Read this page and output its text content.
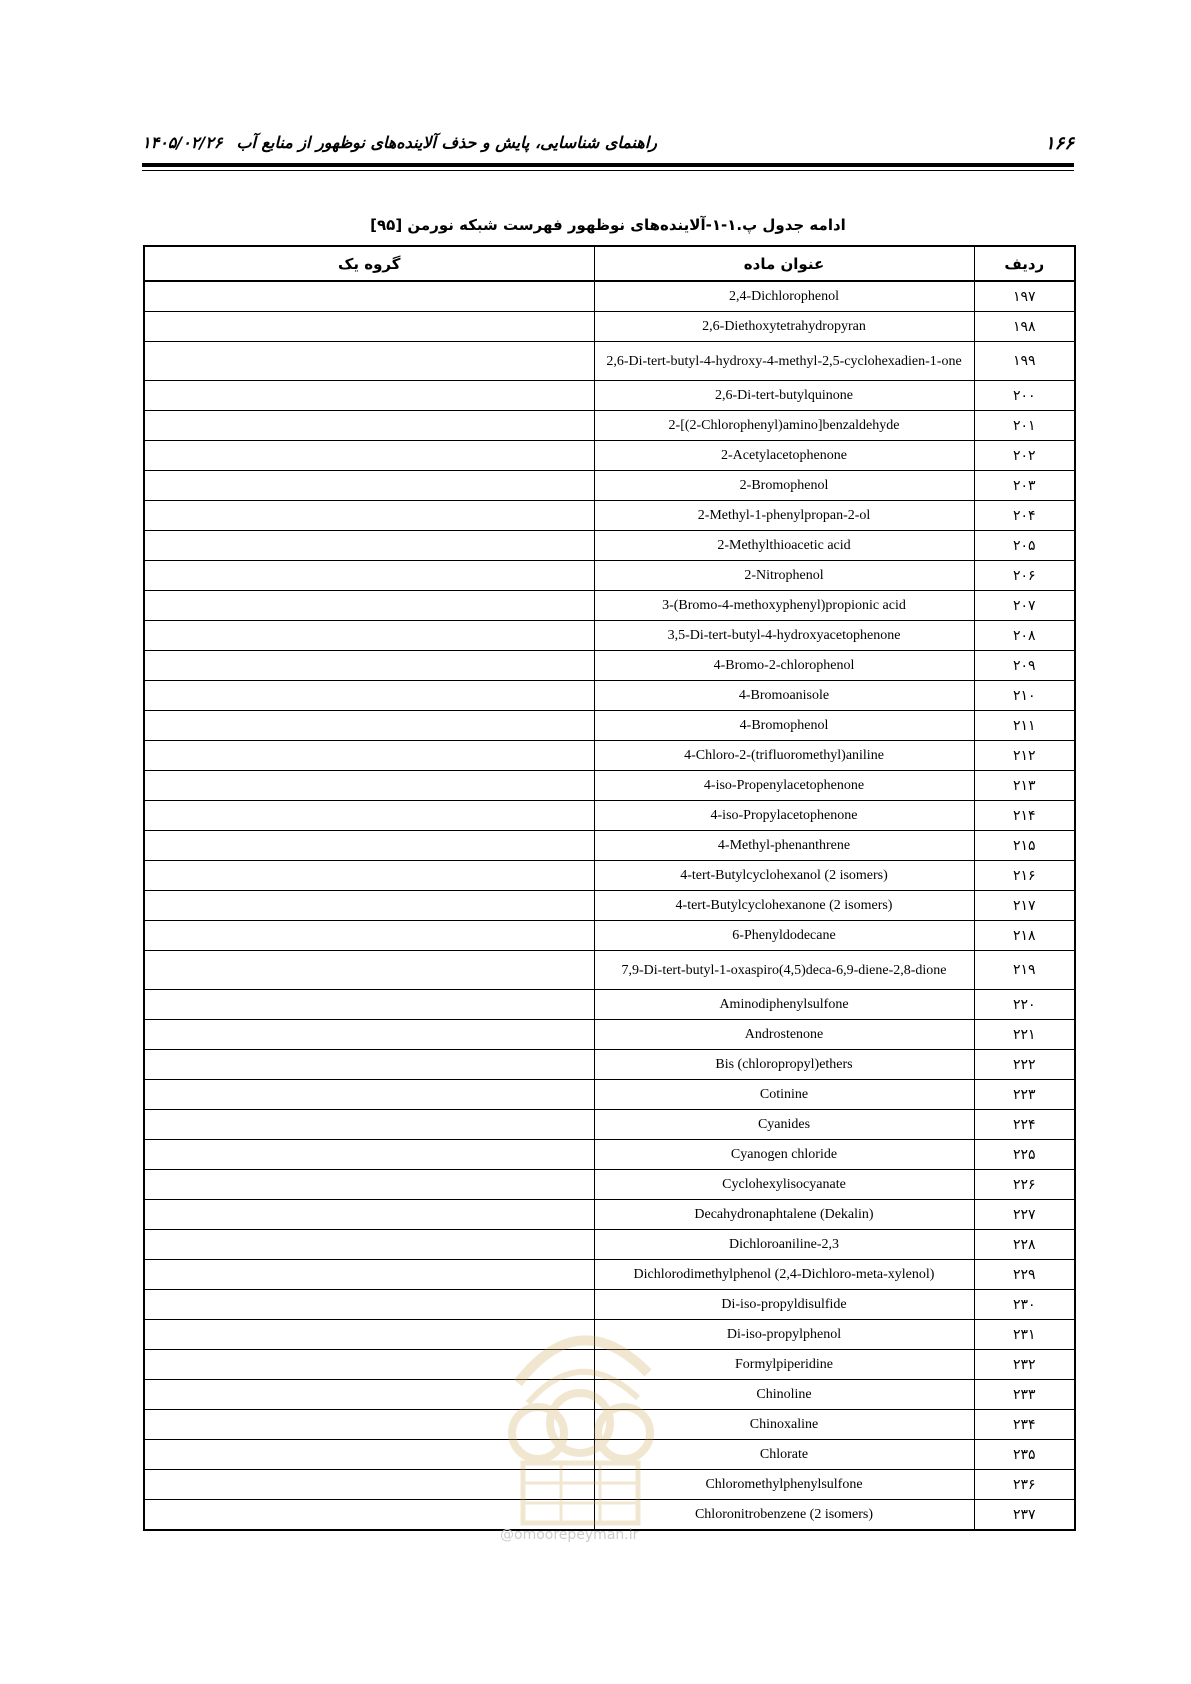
۱۶۶
راهنمای شناسایی، پایش و حذف آلاینده‌های نوظهور از منابع آب۱۴۰۵/۰۲/۲۶
ادامه جدول پ.۱-۱-آلاینده‌های نوظهور فهرست شبکه نورمن [۹۵]
ردیف	عنوان ماده	گروه یک
۱۹۷	2,4-Dichlorophenol	
۱۹۸	2,6-Diethoxytetrahydropyran	
۱۹۹	2,6-Di-tert-butyl-4-hydroxy-4-methyl-2,5-cyclohexadien-1-one	
۲۰۰	2,6-Di-tert-butylquinone	
۲۰۱	2-[(2-Chlorophenyl)amino]benzaldehyde	
۲۰۲	2-Acetylacetophenone	
۲۰۳	2-Bromophenol	
۲۰۴	2-Methyl-1-phenylpropan-2-ol	
۲۰۵	2-Methylthioacetic acid	
۲۰۶	2-Nitrophenol	
۲۰۷	3-(Bromo-4-methoxyphenyl)propionic acid	
۲۰۸	3,5-Di-tert-butyl-4-hydroxyacetophenone	
۲۰۹	4-Bromo-2-chlorophenol	
۲۱۰	4-Bromoanisole	
۲۱۱	4-Bromophenol	
۲۱۲	4-Chloro-2-(trifluoromethyl)aniline	
۲۱۳	4-iso-Propenylacetophenone	
۲۱۴	4-iso-Propylacetophenone	
۲۱۵	4-Methyl-phenanthrene	
۲۱۶	4-tert-Butylcyclohexanol (2 isomers)	
۲۱۷	4-tert-Butylcyclohexanone (2 isomers)	
۲۱۸	6-Phenyldodecane	
۲۱۹	7,9-Di-tert-butyl-1-oxaspiro(4,5)deca-6,9-diene-2,8-dione	
۲۲۰	Aminodiphenylsulfone	
۲۲۱	Androstenone	
۲۲۲	Bis (chloropropyl)ethers	
۲۲۳	Cotinine	
۲۲۴	Cyanides	
۲۲۵	Cyanogen chloride	
۲۲۶	Cyclohexylisocyanate	
۲۲۷	Decahydronaphtalene (Dekalin)	
۲۲۸	Dichloroaniline-2,3	
۲۲۹	Dichlorodimethylphenol (2,4-Dichloro-meta-xylenol)	
۲۳۰	Di-iso-propyldisulfide	
۲۳۱	Di-iso-propylphenol	
۲۳۲	Formylpiperidine	
۲۳۳	Chinoline	
۲۳۴	Chinoxaline	
۲۳۵	Chlorate	
۲۳۶	Chloromethylphenylsulfone	
۲۳۷	Chloronitrobenzene (2 isomers)	
@omoorepeyman.ir
